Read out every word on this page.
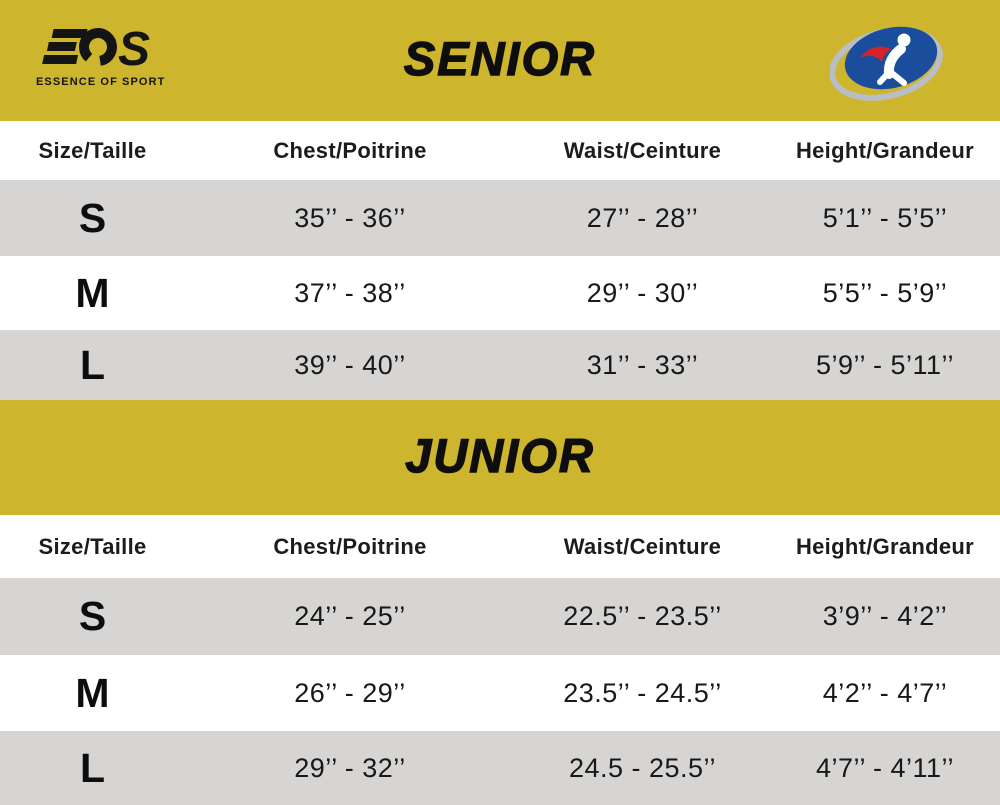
S
ESSENCE OF SPORT	SENIOR
Size/Taille	Chest/Poitrine	Waist/Ceinture	Height/Grandeur
S	35’’ - 36’’	27’’ - 28’’	5’1’’ - 5’5’’
M	37’’ - 38’’	29’’ - 30’’	5’5’’ - 5’9’’
L	39’’ - 40’’	31’’ - 33’’	5’9’’ - 5’11’’
JUNIOR
Size/Taille	Chest/Poitrine	Waist/Ceinture	Height/Grandeur
S	24’’ - 25’’	22.5’’ - 23.5’’	3’9’’ - 4’2’’
M	26’’ - 29’’	23.5’’ - 24.5’’	4’2’’ - 4’7’’
L	29’’ - 32’’	24.5 - 25.5’’	4’7’’ - 4’11’’
